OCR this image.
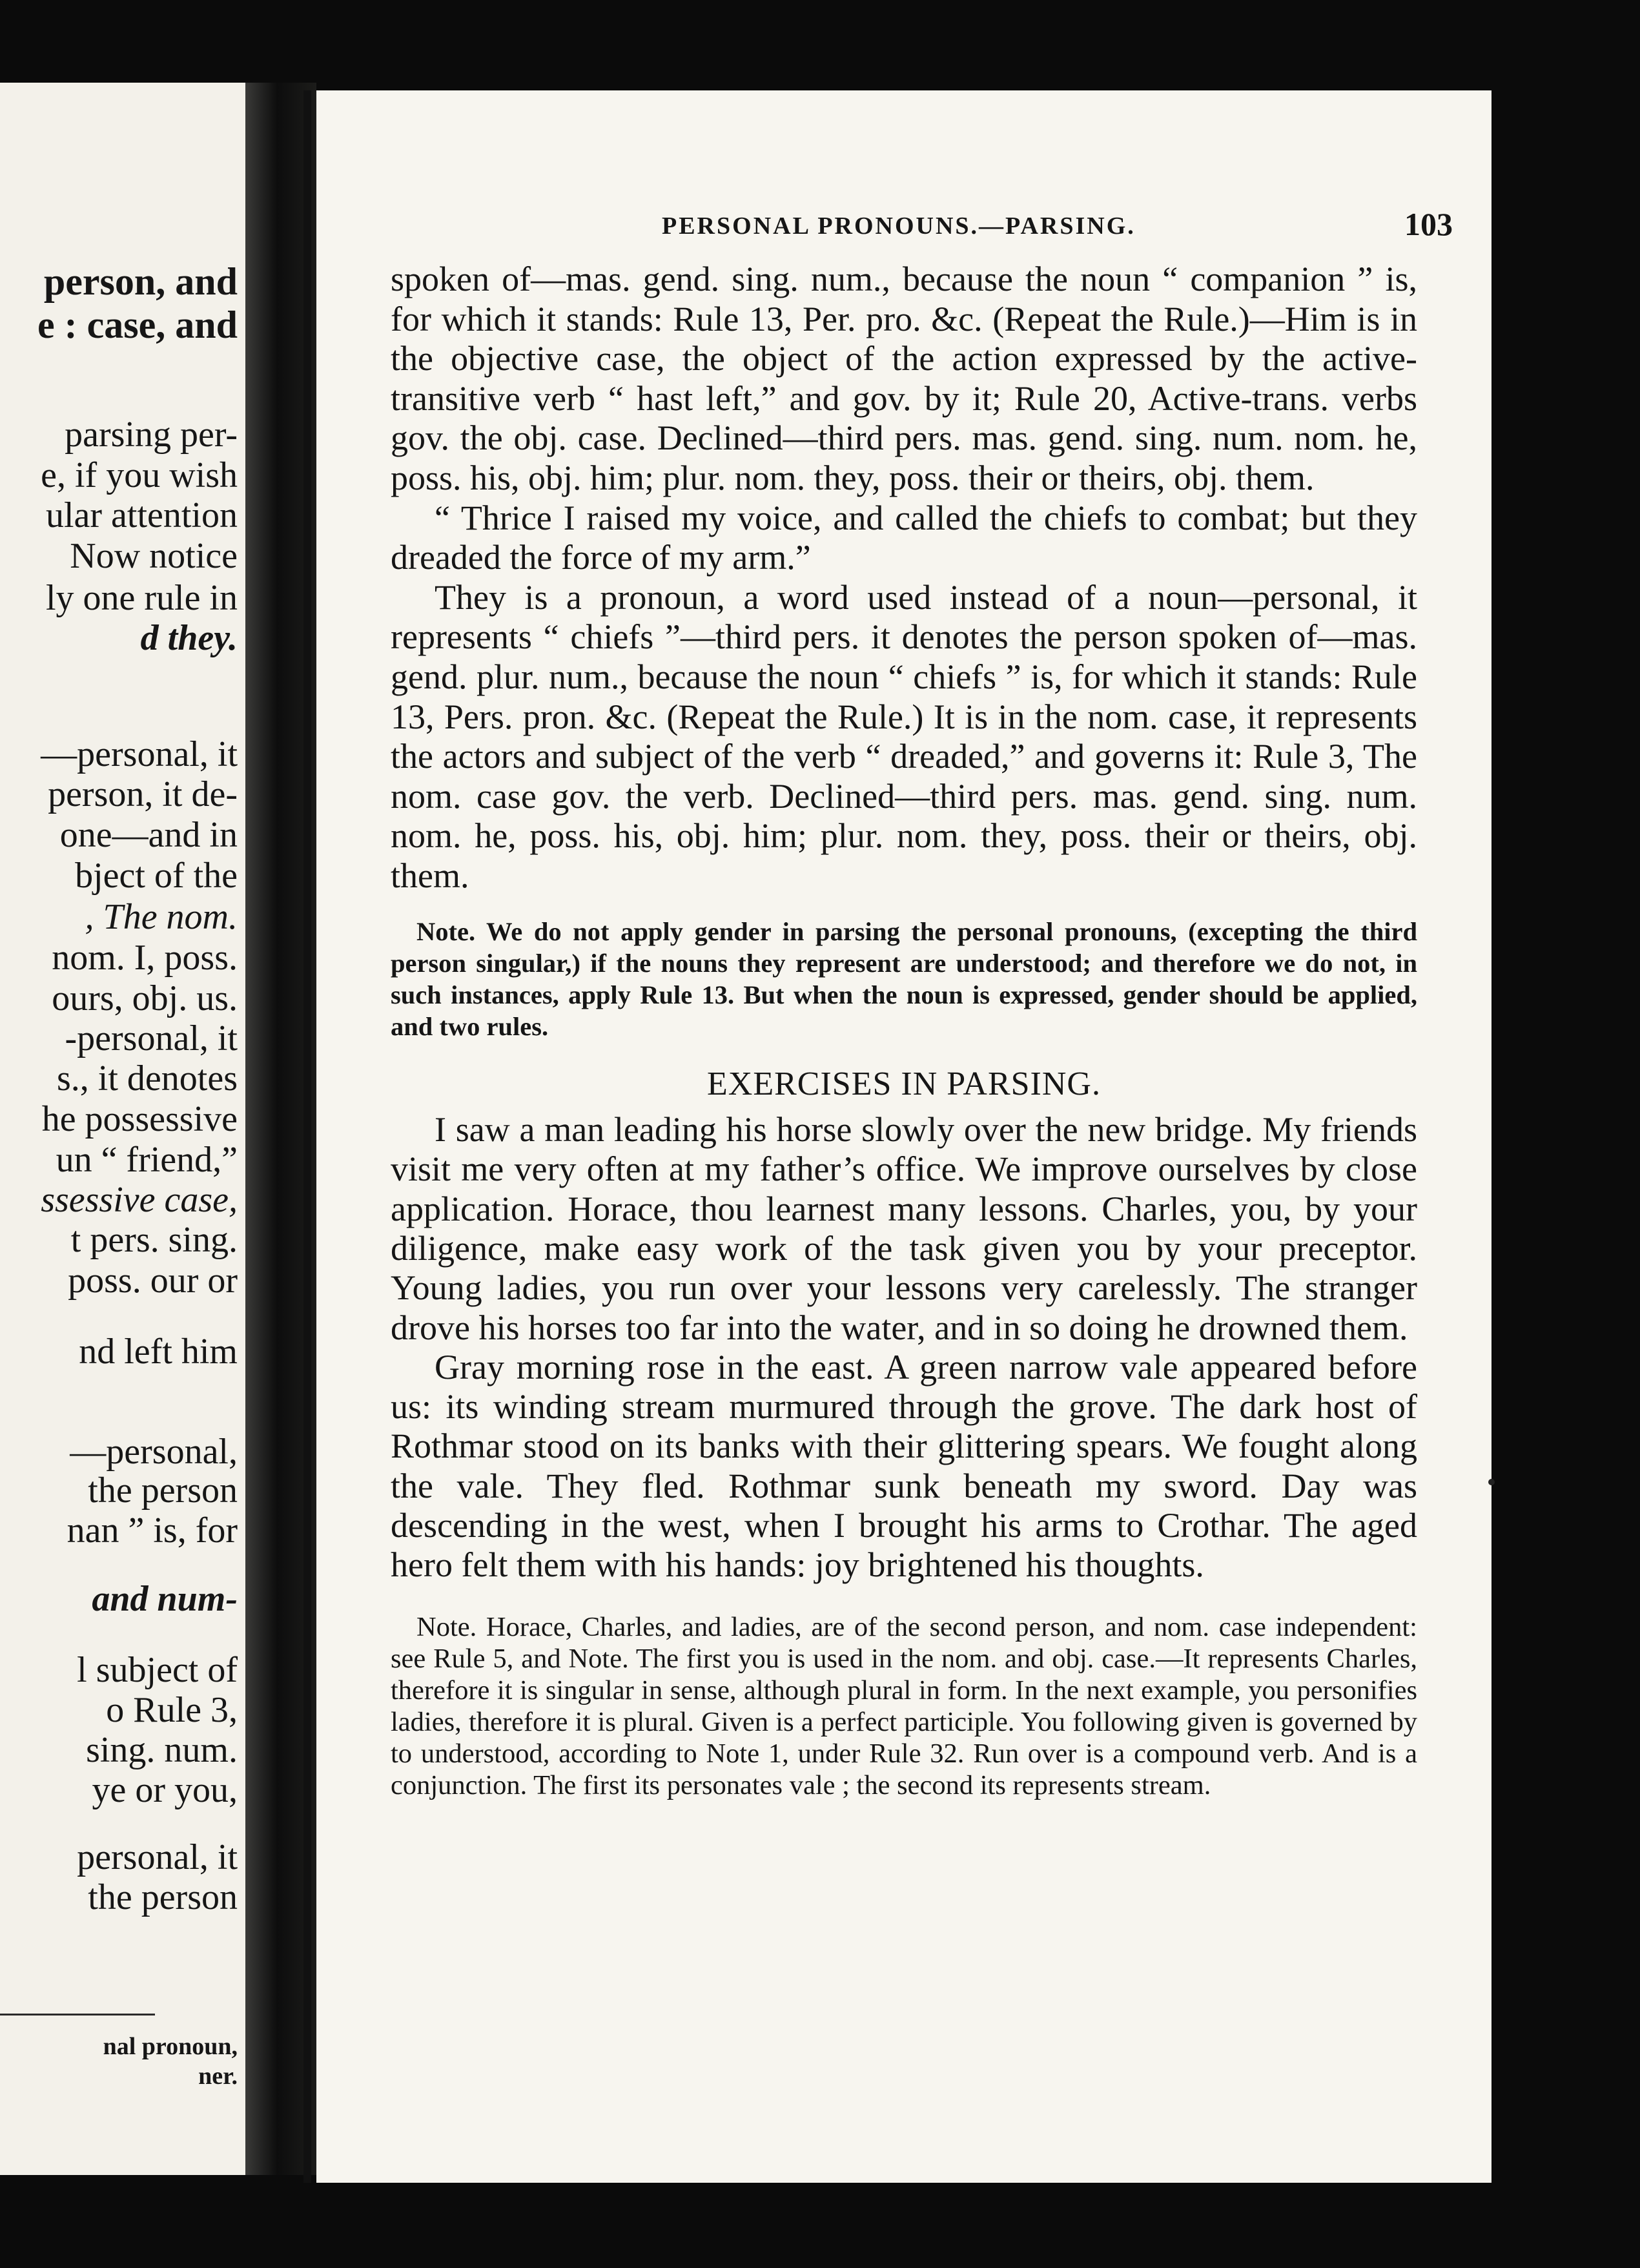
person, and

e : case, and

parsing per-

e, if you wish

ular attention

Now notice

ly one rule in

d they.

—personal, it

person, it de-

one—and in

bject of the

, The nom.

nom. I, poss.

ours, obj. us.

-personal, it

s., it denotes

he possessive

un “ friend,”

ssessive case,

t pers. sing.

poss. our or

nd left him

—personal,

the person

nan ” is, for

and num-

l subject of

o Rule 3,

sing. num.

ye or you,

personal, it

the person

nal pronoun,

ner.

PERSONAL PRONOUNS.—PARSING.	103

spoken of—mas. gend. sing. num., because the noun “ companion ” is, for which it stands: Rule 13, Per. pro. &c. (Repeat the Rule.)—Him is in the objective case, the object of the action expressed by the active-transitive verb “ hast left,” and gov. by it; Rule 20, Active-trans. verbs gov. the obj. case. Declined—third pers. mas. gend. sing. num. nom. he, poss. his, obj. him; plur. nom. they, poss. their or theirs, obj. them.

“ Thrice I raised my voice, and called the chiefs to combat; but they dreaded the force of my arm.”

They is a pronoun, a word used instead of a noun—personal, it represents “ chiefs ”—third pers. it denotes the person spoken of—mas. gend. plur. num., because the noun “ chiefs ” is, for which it stands: Rule 13, Pers. pron. &c. (Repeat the Rule.) It is in the nom. case, it represents the actors and subject of the verb “ dreaded,” and governs it: Rule 3, The nom. case gov. the verb. Declined—third pers. mas. gend. sing. num. nom. he, poss. his, obj. him; plur. nom. they, poss. their or theirs, obj. them.

Note. We do not apply gender in parsing the personal pronouns, (excepting the third person singular,) if the nouns they represent are understood; and therefore we do not, in such instances, apply Rule 13. But when the noun is expressed, gender should be applied, and two rules.

EXERCISES IN PARSING.

I saw a man leading his horse slowly over the new bridge. My friends visit me very often at my father’s office. We improve ourselves by close application. Horace, thou learnest many lessons. Charles, you, by your diligence, make easy work of the task given you by your preceptor. Young ladies, you run over your lessons very carelessly. The stranger drove his horses too far into the water, and in so doing he drowned them.

Gray morning rose in the east. A green narrow vale appeared before us: its winding stream murmured through the grove. The dark host of Rothmar stood on its banks with their glittering spears. We fought along the vale. They fled. Rothmar sunk beneath my sword. Day was descending in the west, when I brought his arms to Crothar. The aged hero felt them with his hands: joy brightened his thoughts.

Note. Horace, Charles, and ladies, are of the second person, and nom. case independent: see Rule 5, and Note. The first you is used in the nom. and obj. case.—It represents Charles, therefore it is singular in sense, although plural in form. In the next example, you personifies ladies, therefore it is plural. Given is a perfect participle. You following given is governed by to understood, according to Note 1, under Rule 32. Run over is a compound verb. And is a conjunction. The first its personates vale ; the second its represents stream.
